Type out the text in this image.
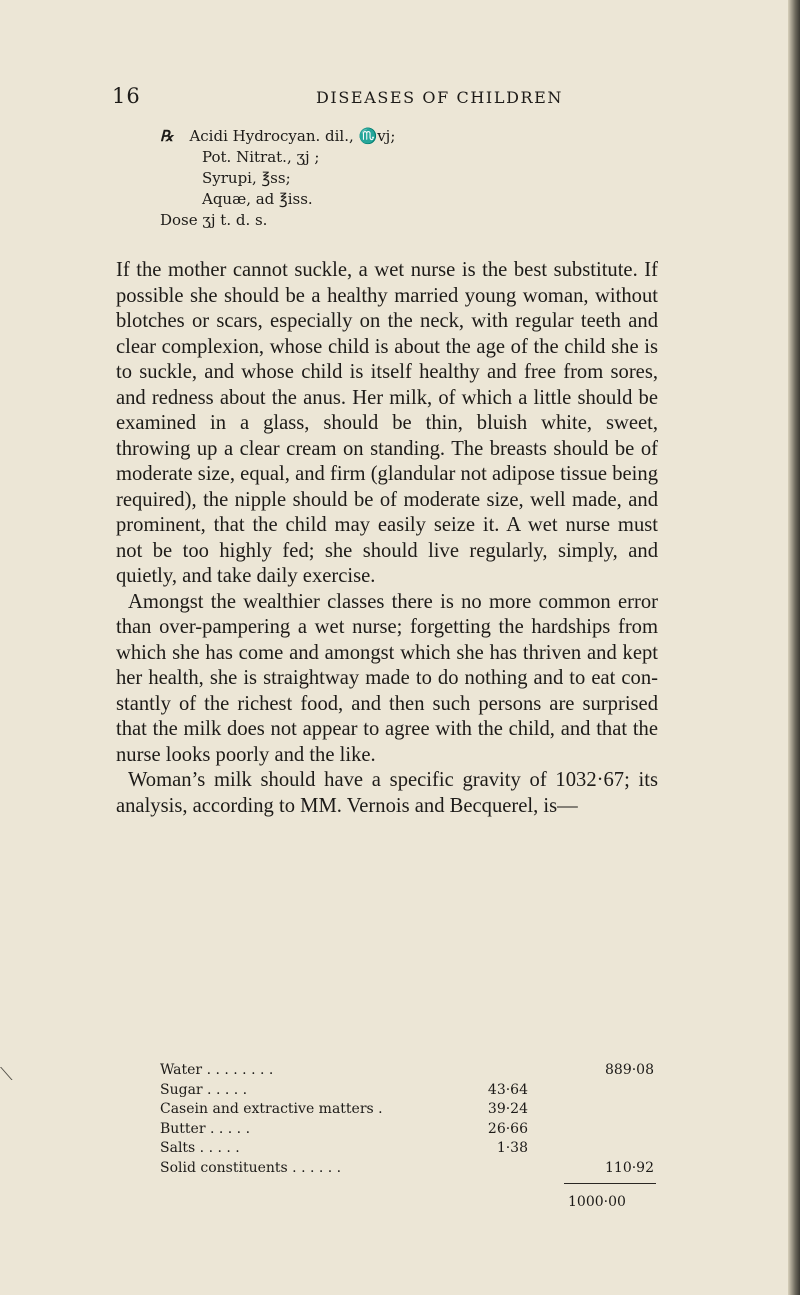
16	DISEASES OF CHILDREN
℞ Acidi Hydrocyan. dil., ♏vj;
Pot. Nitrat., ʒj ;
Syrupi, ℥ss;
Aquæ, ad ℥iss.
Dose ʒj t. d. s.

If the mother cannot suckle, a wet nurse is the best substitute. If possible she should be a healthy married young woman, without blotches or scars, especially on the neck, with regular teeth and clear complexion, whose child is about the age of the child she is to suckle, and whose child is itself healthy and free from sores, and redness about the anus. Her milk, of which a little should be examined in a glass, should be thin, bluish white, sweet, throwing up a clear cream on standing. The breasts should be of moderate size, equal, and firm (glandular not adipose tissue being required), the nipple should be of moderate size, well made, and prominent, that the child may easily seize it. A wet nurse must not be too highly fed; she should live regularly, simply, and quietly, and take daily exercise.

Amongst the wealthier classes there is no more common error than over-pampering a wet nurse; forgetting the hardships from which she has come and amongst which she has thriven and kept her health, she is straightway made to do nothing and to eat constantly of the richest food, and then such persons are surprised that the milk does not appear to agree with the child, and that the nurse looks poorly and the like.

Woman’s milk should have a specific gravity of 1032·67; its analysis, according to MM. Vernois and Becquerel, is—

⟍	Water . . . . . . . .	889·08
Sugar . . . . .	43·64
Casein and extractive matters .	39·24
Butter . . . . .	26·66
Salts . . . . .	1·38
Solid constituents . . . . . .	110·92
1000·00
